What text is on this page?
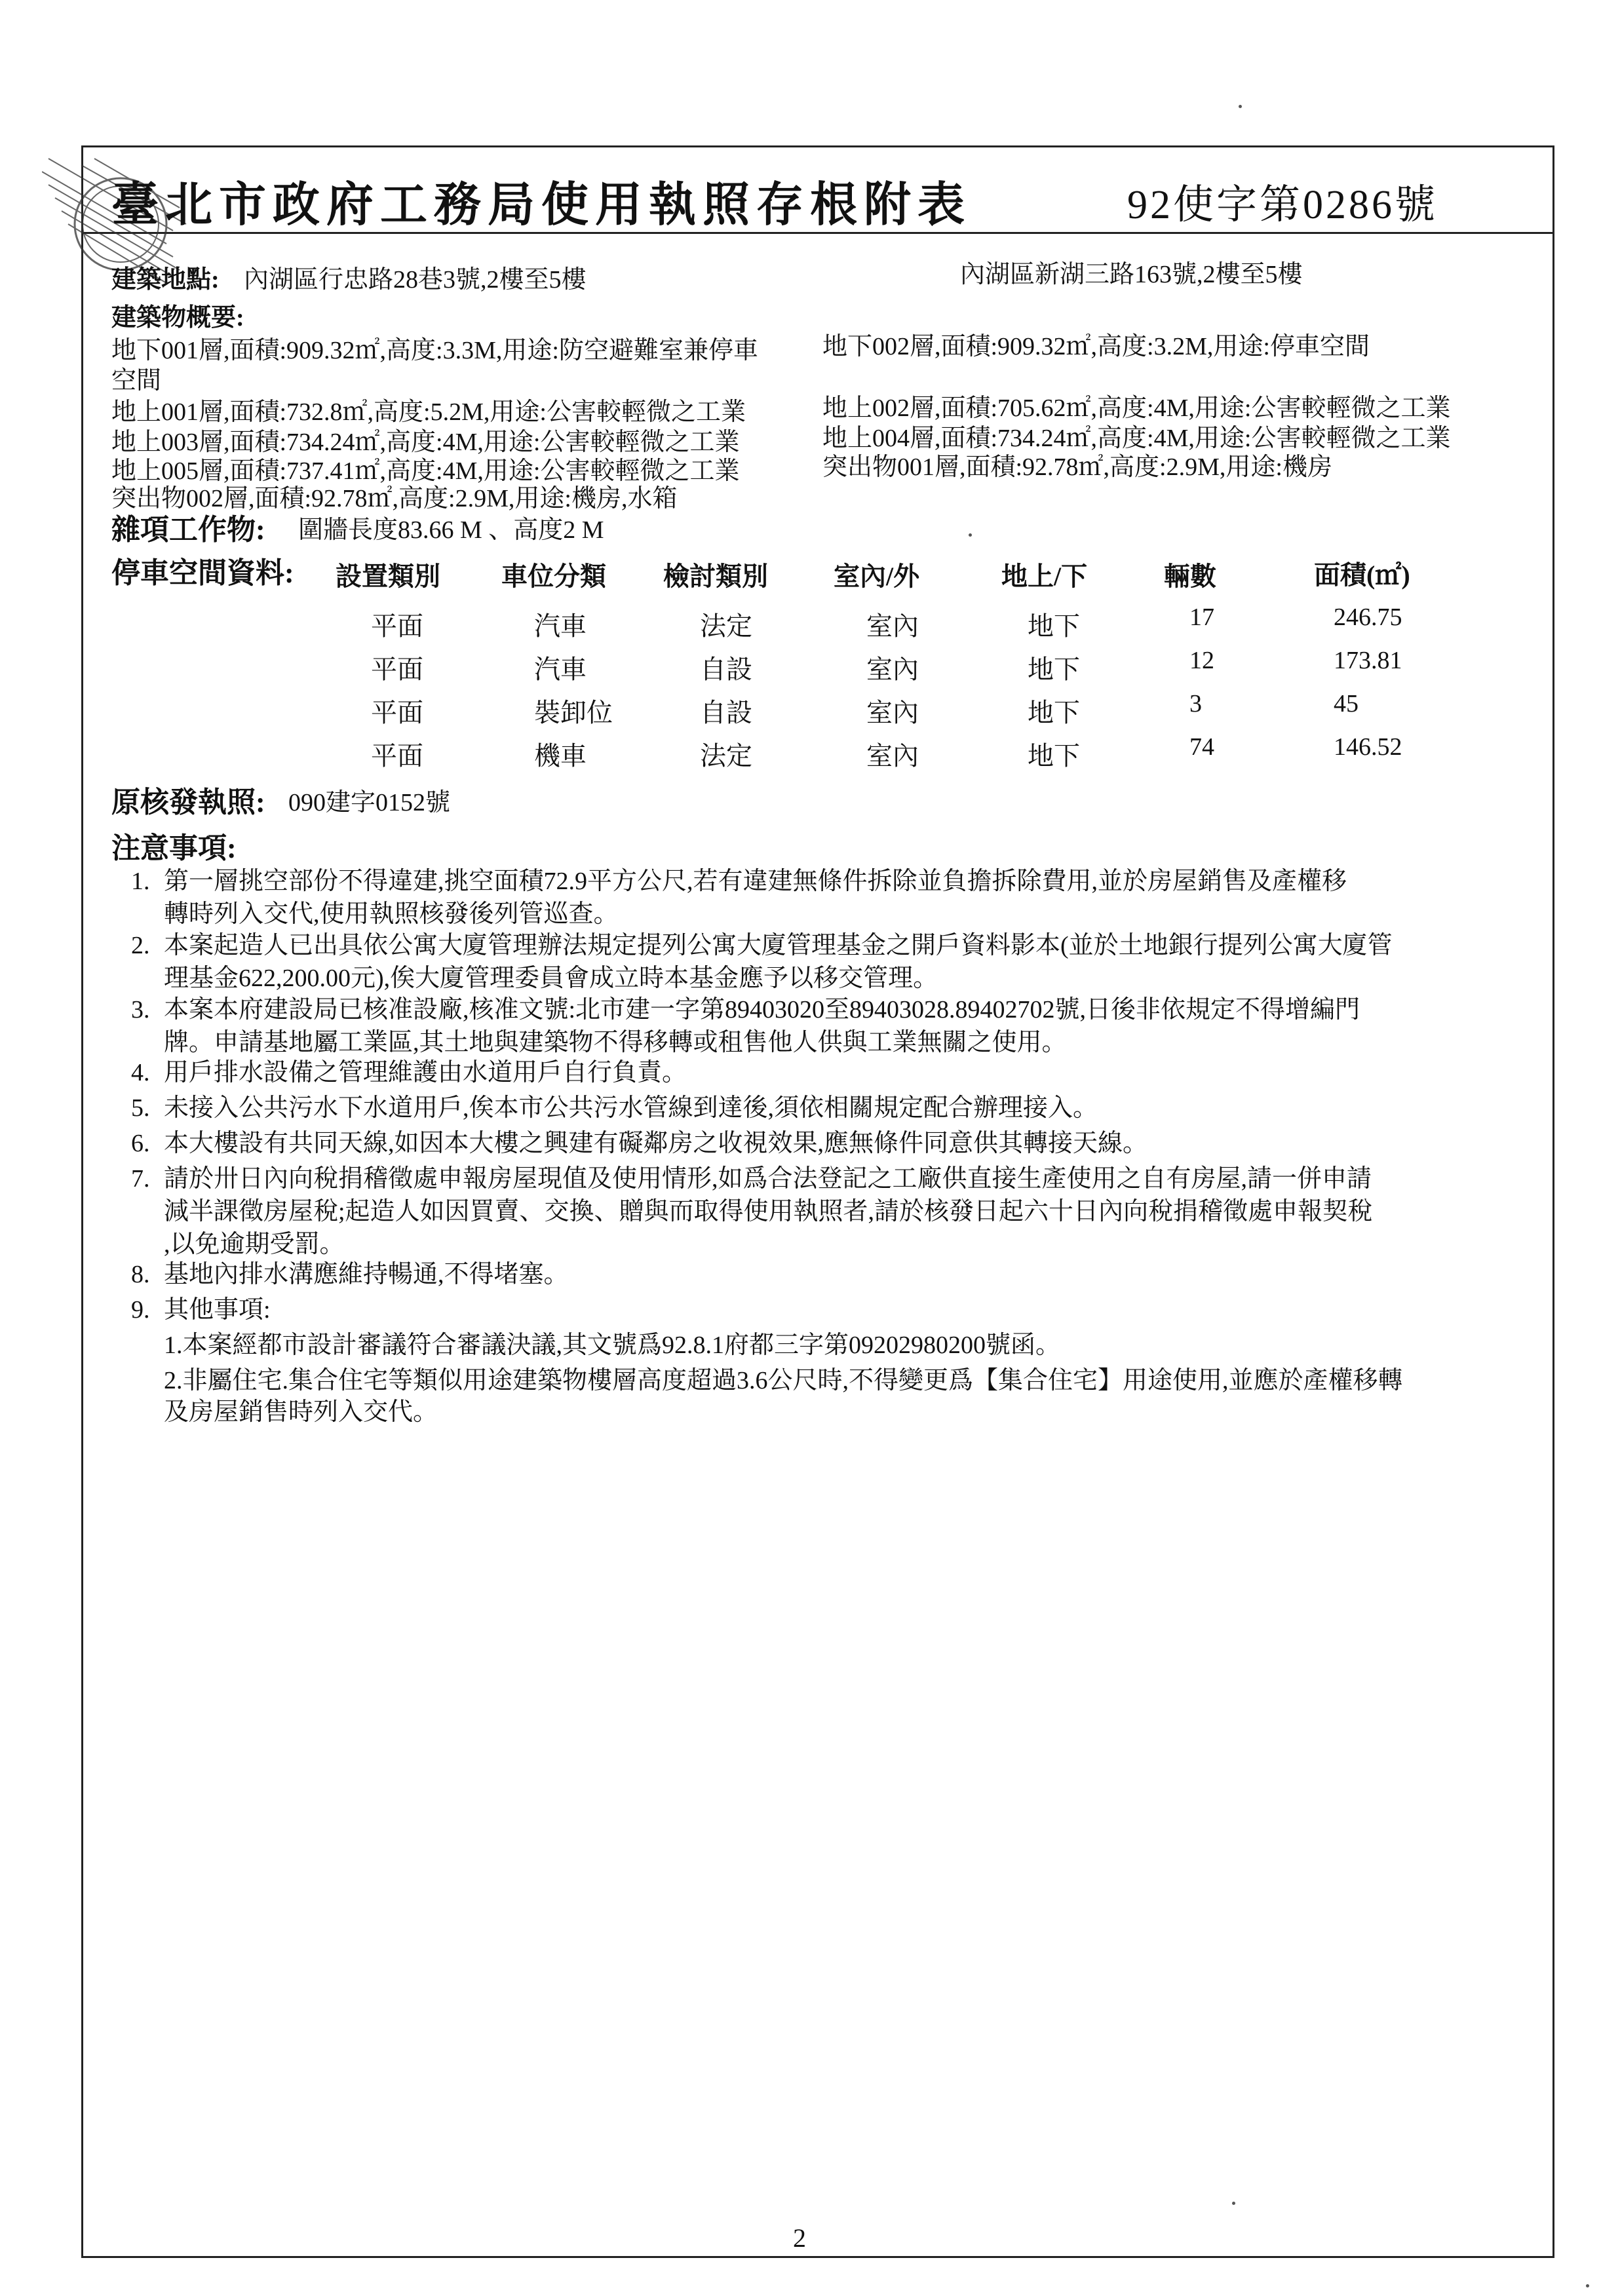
臺北市政府工務局使用執照存根附表	92使字第0286號
建築地點: 內湖區行忠路28巷3號,2樓至5樓	內湖區新湖三路163號,2樓至5樓
建築物概要:
地下001層,面積:909.32㎡,高度:3.3M,用途:防空避難室兼停車	地下002層,面積:909.32㎡,高度:3.2M,用途:停車空間
空間
地上001層,面積:732.8㎡,高度:5.2M,用途:公害較輕微之工業	地上002層,面積:705.62㎡,高度:4M,用途:公害較輕微之工業
地上003層,面積:734.24㎡,高度:4M,用途:公害較輕微之工業	地上004層,面積:734.24㎡,高度:4M,用途:公害較輕微之工業
地上005層,面積:737.41㎡,高度:4M,用途:公害較輕微之工業	突出物001層,面積:92.78㎡,高度:2.9M,用途:機房
突出物002層,面積:92.78㎡,高度:2.9M,用途:機房,水箱
雜項工作物: 圍牆長度83.66 M 、高度2 M
停車空間資料: 設置類別 車位分類 檢討類別	室內/外	地上/下	輛數	面積(㎡)
平面	汽車	法定	室內	地下	17	246.75
平面	汽車	自設	室內	地下	12	173.81
平面	裝卸位	自設	室內	地下	3	45
平面	機車	法定	室內	地下	74	146.52
原核發執照: 090建字0152號
注意事項:
1. 第一層挑空部份不得違建,挑空面積72.9平方公尺,若有違建無條件拆除並負擔拆除費用,並於房屋銷售及產權移
轉時列入交代,使用執照核發後列管巡查。
2. 本案起造人已出具依公寓大廈管理辦法規定提列公寓大廈管理基金之開戶資料影本(並於土地銀行提列公寓大廈管
理基金622,200.00元),俟大廈管理委員會成立時本基金應予以移交管理。
3. 本案本府建設局已核准設廠,核准文號:北市建一字第89403020至89403028.89402702號,日後非依規定不得增編門
牌。申請基地屬工業區,其土地與建築物不得移轉或租售他人供與工業無關之使用。
4. 用戶排水設備之管理維護由水道用戶自行負責。
5. 未接入公共污水下水道用戶,俟本市公共污水管線到達後,須依相關規定配合辦理接入。
6. 本大樓設有共同天線,如因本大樓之興建有礙鄰房之收視效果,應無條件同意供其轉接天線。
7. 請於卅日內向稅捐稽徵處申報房屋現值及使用情形,如爲合法登記之工廠供直接生產使用之自有房屋,請一併申請
減半課徵房屋稅;起造人如因買賣、交換、贈與而取得使用執照者,請於核發日起六十日內向稅捐稽徵處申報契稅
,以免逾期受罰。
8. 基地內排水溝應維持暢通,不得堵塞。
9. 其他事項:
1.本案經都市設計審議符合審議決議,其文號爲92.8.1府都三字第09202980200號函。
2.非屬住宅.集合住宅等類似用途建築物樓層高度超過3.6公尺時,不得變更爲【集合住宅】用途使用,並應於產權移轉
及房屋銷售時列入交代。
2
